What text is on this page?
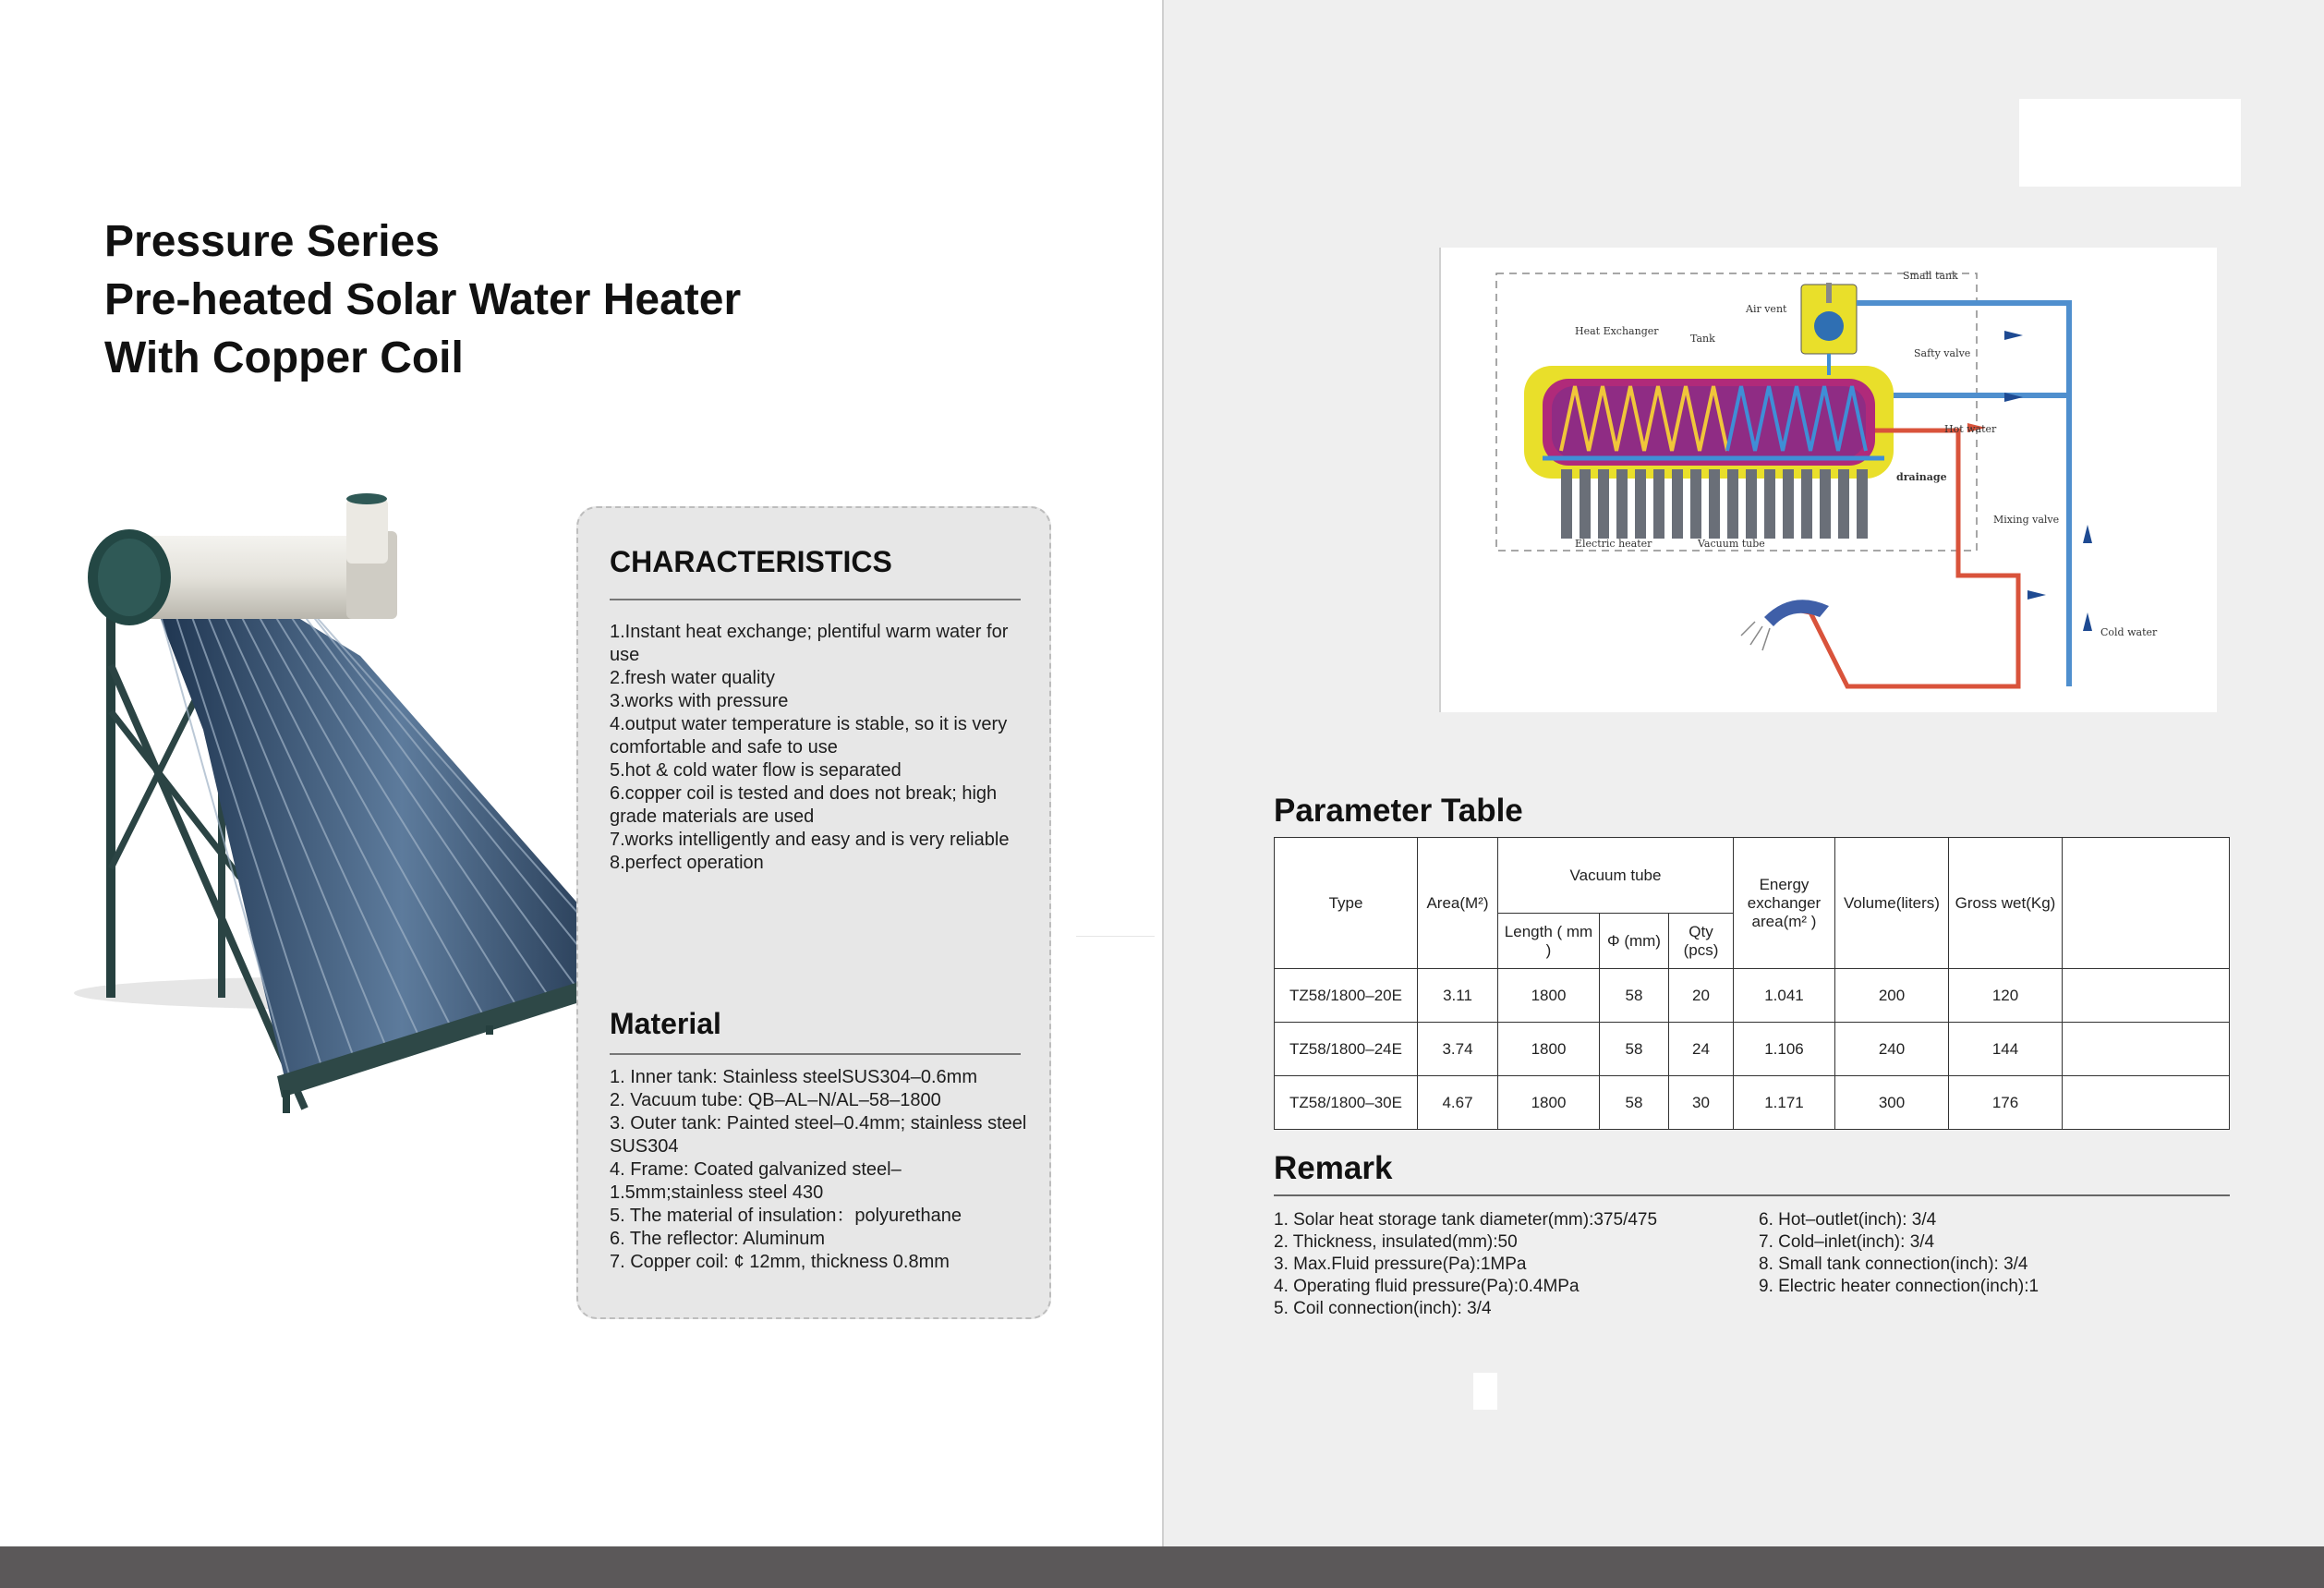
Pressure Series
Pre-heated Solar Water Heater
With Copper Coil
CHARACTERISTICS
1.Instant heat exchange; plentiful warm water for use
2.fresh water quality
3.works with pressure
4.output water temperature is stable, so it is very comfortable and safe to use
5.hot & cold water flow is separated
6.copper coil is tested and does not break; high grade materials are used
7.works intelligently and easy and is very reliable
8.perfect operation
Material
1. Inner tank: Stainless steelSUS304–0.6mm
2. Vacuum tube: QB–AL–N/AL–58–1800
3. Outer tank: Painted steel–0.4mm; stainless steel SUS304
4. Frame: Coated galvanized steel–1.5mm;stainless steel 430
5. The material of insulation：polyurethane
6. The reflector: Aluminum
7. Copper coil: ¢ 12mm, thickness 0.8mm
Air vent
Small tank
Heat Exchanger
Tank
Safty valve
Hot water
drainage
Mixing valve
Electric heater	Vacuum tube
Cold water
Parameter Table
Type	Area(M²)	Vacuum tube			Energy exchanger area(m² )	Volume(liters)	Gross wet(Kg)	
		Length ( mm )	Φ (mm)	Qty (pcs)				
TZ58/1800–20E	3.11	1800	58	20	1.041	200	120	
TZ58/1800–24E	3.74	1800	58	24	1.106	240	144	
TZ58/1800–30E	4.67	1800	58	30	1.171	300	176	
Remark
1. Solar heat storage tank diameter(mm):375/475
2. Thickness, insulated(mm):50
3. Max.Fluid pressure(Pa):1MPa
4. Operating fluid pressure(Pa):0.4MPa
5. Coil connection(inch): 3/4
6. Hot–outlet(inch): 3/4
7. Cold–inlet(inch): 3/4
8. Small tank connection(inch): 3/4
9. Electric heater connection(inch):1
